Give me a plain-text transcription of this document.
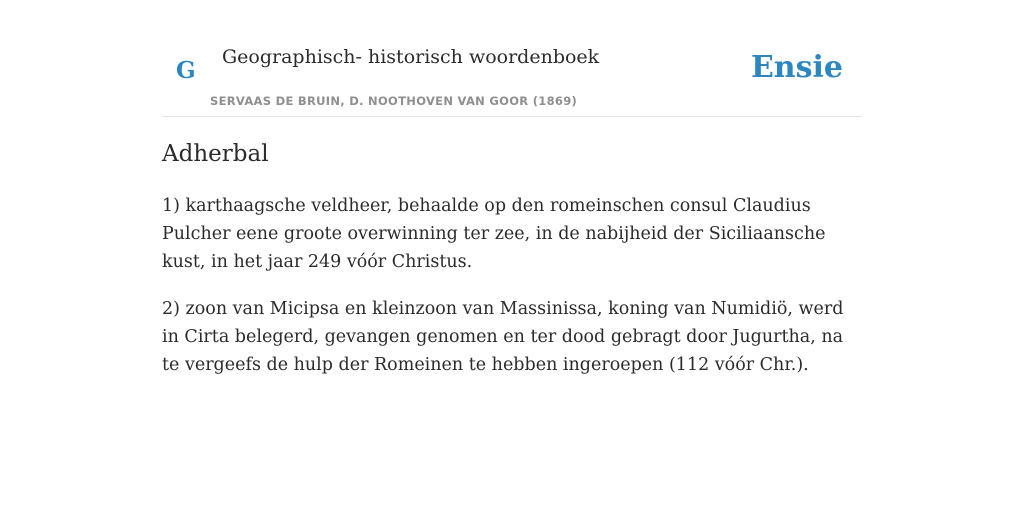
G Geographisch- historisch woordenboek
SERVAAS DE BRUIN, D. NOOTHOVEN VAN GOOR (1869)
Ensie
Adherbal

1) karthaagsche veldheer, behaalde op den romeinschen consul Claudius Pulcher eene groote overwinning ter zee, in de nabijheid der Siciliaansche kust, in het jaar 249 vóór Christus.

2) zoon van Micipsa en kleinzoon van Massinissa, koning van Numidiö, werd in Cirta belegerd, gevangen genomen en ter dood gebragt door Jugurtha, na te vergeefs de hulp der Romeinen te hebben ingeroepen (112 vóór Chr.).
